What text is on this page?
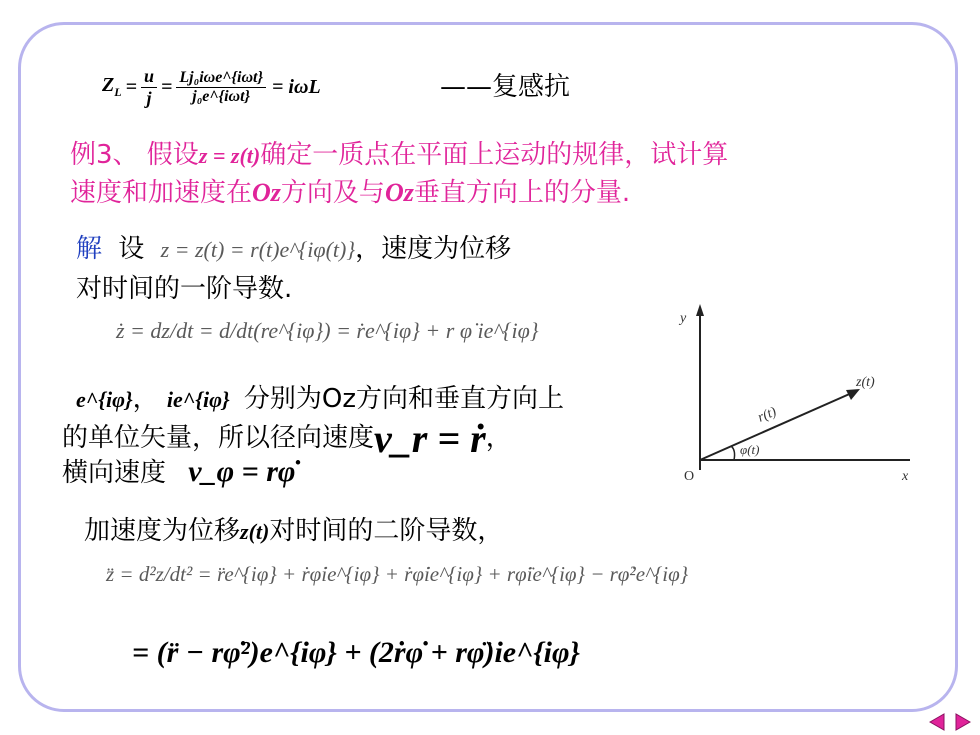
$Z_L = \frac{u}{j} = \frac{\text{Lj₀iωe\textasciicircum{}\{iωt\}}}{\text{j₀e\textasciicircum{}\{iωt\}}} = i\omega L$	——复感抗
例3、 假设z = z(t)确定一质点在平面上运动的规律，试计算
速度和加速度在Oz方向及与Oz垂直方向上的分量.
解 设 z = z(t) = r(t)e^{iφ(t)}，速度为位移
对时间的一阶导数.
ż = dz/dt = d/dt(re^{iφ}) = ṙe^{iφ} + r φ̇ ie^{iφ}
e^{iφ}， ie^{iφ} 分别为Oz方向和垂直方向上
的单位矢量，所以径向速度v_r = ṙ，
横向速度 v_φ = rφ̇
加速度为位移z(t)对时间的二阶导数，
z̈ = d²z/dt² = r̈e^{iφ} + ṙφ̇ie^{iφ} + ṙφ̇ie^{iφ} + rφ̈ie^{iφ} − rφ̇²e^{iφ}
= (r̈ − rφ̇²)e^{iφ} + (2ṙφ̇ + rφ̈)ie^{iφ}
y
x
O
z(t)
r(t)
φ(t)
